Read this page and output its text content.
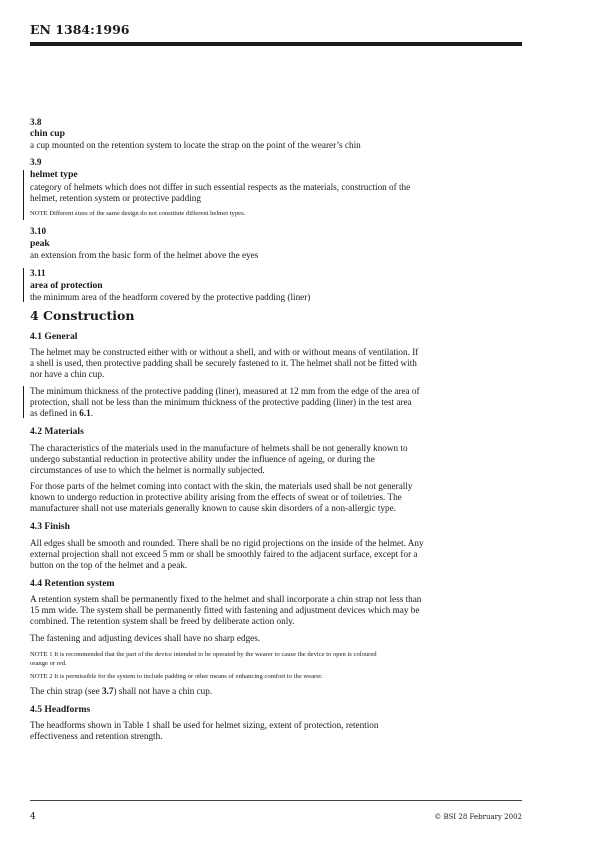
EN 1384:1996
3.8
chin cup
a cup mounted on the retention system to locate the strap on the point of the wearer’s chin
3.9
helmet type
category of helmets which does not differ in such essential respects as the materials, construction of the
helmet, retention system or protective padding
NOTE Different sizes of the same design do not constitute different helmet types.
3.10
peak
an extension from the basic form of the helmet above the eyes
3.11
area of protection
the minimum area of the headform covered by the protective padding (liner)
4 Construction
4.1 General
The helmet may be constructed either with or without a shell, and with or without means of ventilation. If
a shell is used, then protective padding shall be securely fastened to it. The helmet shall not be fitted with
nor have a chin cup.
The minimum thickness of the protective padding (liner), measured at 12 mm from the edge of the area of
protection, shall not be less than the minimum thickness of the protective padding (liner) in the test area
as defined in 6.1.
4.2 Materials
The characteristics of the materials used in the manufacture of helmets shall be not generally known to
undergo substantial reduction in protective ability under the influence of ageing, or during the
circumstances of use to which the helmet is normally subjected.
For those parts of the helmet coming into contact with the skin, the materials used shall be not generally
known to undergo reduction in protective ability arising from the effects of sweat or of toiletries. The
manufacturer shall not use materials generally known to cause skin disorders of a non-allergic type.
4.3 Finish
All edges shall be smooth and rounded. There shall be no rigid projections on the inside of the helmet. Any
external projection shall not exceed 5 mm or shall be smoothly faired to the adjacent surface, except for a
button on the top of the helmet and a peak.
4.4 Retention system
A retention system shall be permanently fixed to the helmet and shall incorporate a chin strap not less than
15 mm wide. The system shall be permanently fitted with fastening and adjustment devices which may be
combined. The retention system shall be freed by deliberate action only.
The fastening and adjusting devices shall have no sharp edges.
NOTE 1 It is recommended that the part of the device intended to be operated by the wearer to cause the device to open is coloured
orange or red.
NOTE 2 It is permissible for the system to include padding or other means of enhancing comfort to the wearer.
The chin strap (see 3.7) shall not have a chin cup.
4.5 Headforms
The headforms shown in Table 1 shall be used for helmet sizing, extent of protection, retention
effectiveness and retention strength.
4	© BSI 28 February 2002
